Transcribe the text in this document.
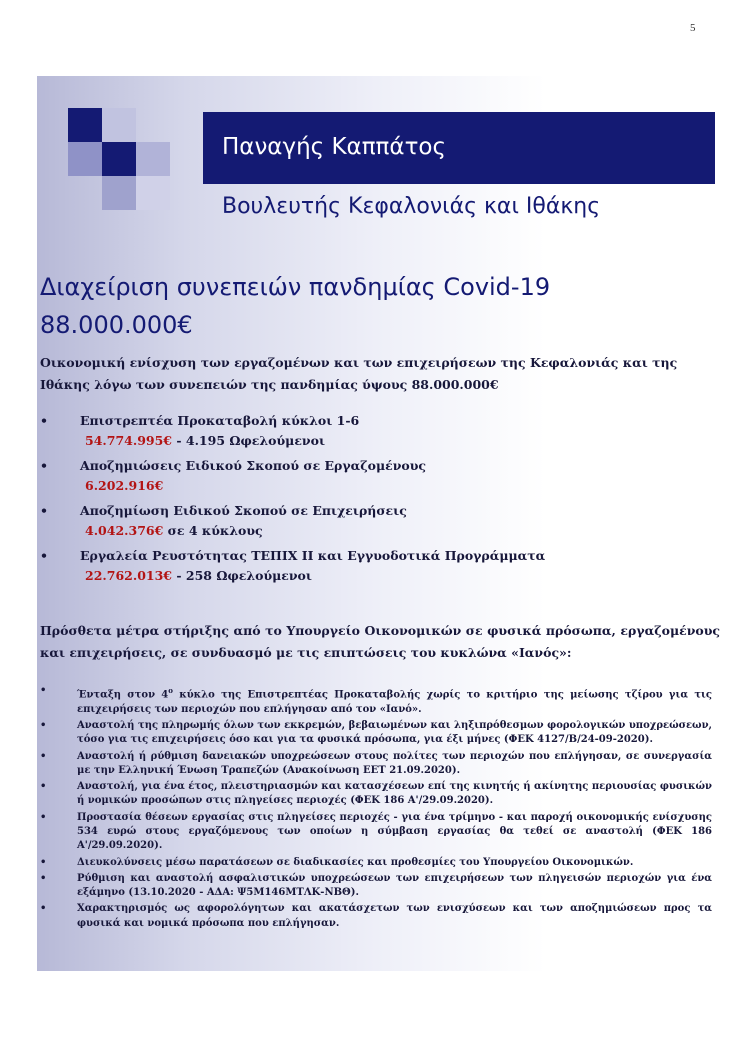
5
Παναγής Καππάτος
Βουλευτής Κεφαλονιάς και Ιθάκης
Διαχείριση συνεπειών πανδημίας Covid-19
88.000.000€
Οικονομική ενίσχυση των εργαζομένων και των επιχειρήσεων της Κεφαλονιάς και της Ιθάκης λόγω των συνεπειών της πανδημίας ύψους 88.000.000€
• Επιστρεπτέα Προκαταβολή κύκλοι 1-6
54.774.995€ - 4.195 Ωφελούμενοι
• Αποζημιώσεις Ειδικού Σκοπού σε Εργαζομένους
6.202.916€
• Αποζημίωση Ειδικού Σκοπού σε Επιχειρήσεις
4.042.376€ σε 4 κύκλους
• Εργαλεία Ρευστότητας ΤΕΠΙΧ ΙΙ και Εγγυοδοτικά Προγράμματα
22.762.013€ - 258 Ωφελούμενοι
Πρόσθετα μέτρα στήριξης από το Υπουργείο Οικονομικών σε φυσικά πρόσωπα, εργαζομένους και επιχειρήσεις, σε συνδυασμό με τις επιπτώσεις του κυκλώνα «Ιανός»:
• Ένταξη στον $4^o$ κύκλο της Επιστρεπτέας Προκαταβολής χωρίς το κριτήριο της μείωσης τζίρου για τις επιχειρήσεις των περιοχών που επλήγησαν από τον «Ιανό».
• Αναστολή της πληρωμής όλων των εκκρεμών, βεβαιωμένων και ληξιπρόθεσμων φορολογικών υποχρεώσεων, τόσο για τις επιχειρήσεις όσο και για τα φυσικά πρόσωπα, για έξι μήνες (ΦΕΚ 4127/Β/24-09-2020).
• Αναστολή ή ρύθμιση δανειακών υποχρεώσεων στους πολίτες των περιοχών που επλήγησαν, σε συνεργασία με την Ελληνική Ένωση Τραπεζών (Ανακοίνωση ΕΕΤ 21.09.2020).
• Αναστολή, για ένα έτος, πλειστηριασμών και κατασχέσεων επί της κινητής ή ακίνητης περιουσίας φυσικών ή νομικών προσώπων στις πληγείσες περιοχές (ΦΕΚ 186 Α'/29.09.2020).
• Προστασία θέσεων εργασίας στις πληγείσες περιοχές - για ένα τρίμηνο - και παροχή οικονομικής ενίσχυσης 534 ευρώ στους εργαζόμενους των οποίων η σύμβαση εργασίας θα τεθεί σε αναστολή (ΦΕΚ 186 Α'/29.09.2020).
• Διευκολύνσεις μέσω παρατάσεων σε διαδικασίες και προθεσμίες του Υπουργείου Οικονομικών.
• Ρύθμιση και αναστολή ασφαλιστικών υποχρεώσεων των επιχειρήσεων των πληγεισών περιοχών για ένα εξάμηνο (13.10.2020 - ΑΔΑ: Ψ5Μ146ΜΤΛΚ-ΝΒΘ).
• Χαρακτηρισμός ως αφορολόγητων και ακατάσχετων των ενισχύσεων και των αποζημιώσεων προς τα φυσικά και νομικά πρόσωπα που επλήγησαν.
